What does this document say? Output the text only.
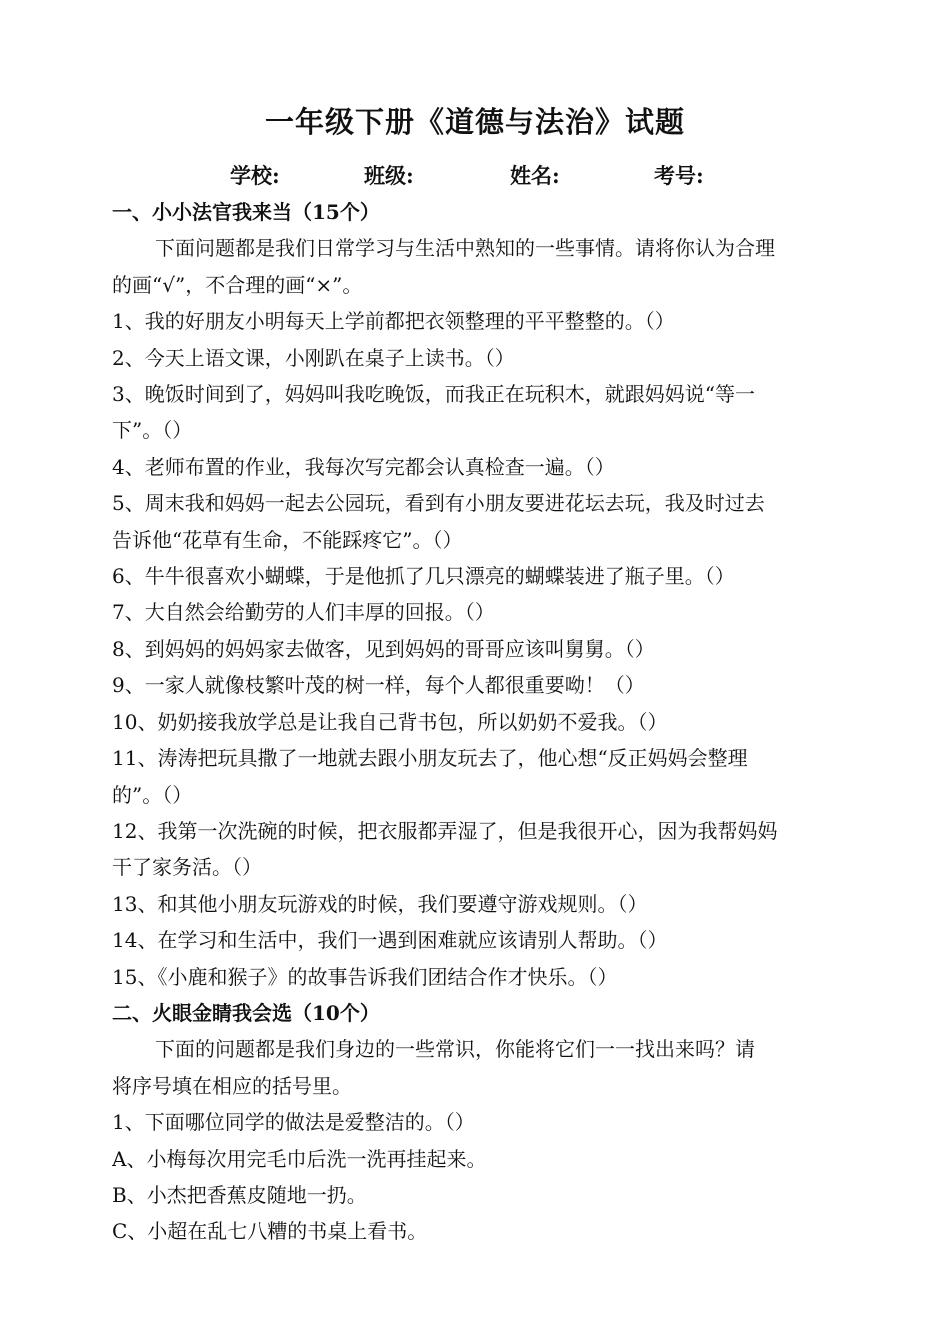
一年级下册《道德与法治》试题
学校:	班级:	姓名:	考号:
一、小小法官我来当（15个）
下面问题都是我们日常学习与生活中熟知的一些事情。请将你认为合理
的画“√”，不合理的画“×”。
1、我的好朋友小明每天上学前都把衣领整理的平平整整的。（）
2、今天上语文课，小刚趴在桌子上读书。（）
3、晚饭时间到了，妈妈叫我吃晚饭，而我正在玩积木，就跟妈妈说“等一
下”。（）
4、老师布置的作业，我每次写完都会认真检查一遍。（）
5、周末我和妈妈一起去公园玩，看到有小朋友要进花坛去玩，我及时过去
告诉他“花草有生命，不能踩疼它”。（）
6、牛牛很喜欢小蝴蝶，于是他抓了几只漂亮的蝴蝶装进了瓶子里。（）
7、大自然会给勤劳的人们丰厚的回报。（）
8、到妈妈的妈妈家去做客，见到妈妈的哥哥应该叫舅舅。（）
9、一家人就像枝繁叶茂的树一样，每个人都很重要呦！（）
10、奶奶接我放学总是让我自己背书包，所以奶奶不爱我。（）
11、涛涛把玩具撒了一地就去跟小朋友玩去了，他心想“反正妈妈会整理
的”。（）
12、我第一次洗碗的时候，把衣服都弄湿了，但是我很开心，因为我帮妈妈
干了家务活。（）
13、和其他小朋友玩游戏的时候，我们要遵守游戏规则。（）
14、在学习和生活中，我们一遇到困难就应该请别人帮助。（）
15、《小鹿和猴子》的故事告诉我们团结合作才快乐。（）
二、火眼金睛我会选（10个）
下面的问题都是我们身边的一些常识，你能将它们一一找出来吗？请
将序号填在相应的括号里。
1、下面哪位同学的做法是爱整洁的。（）
A、小梅每次用完毛巾后洗一洗再挂起来。
B、小杰把香蕉皮随地一扔。
C、小超在乱七八糟的书桌上看书。
